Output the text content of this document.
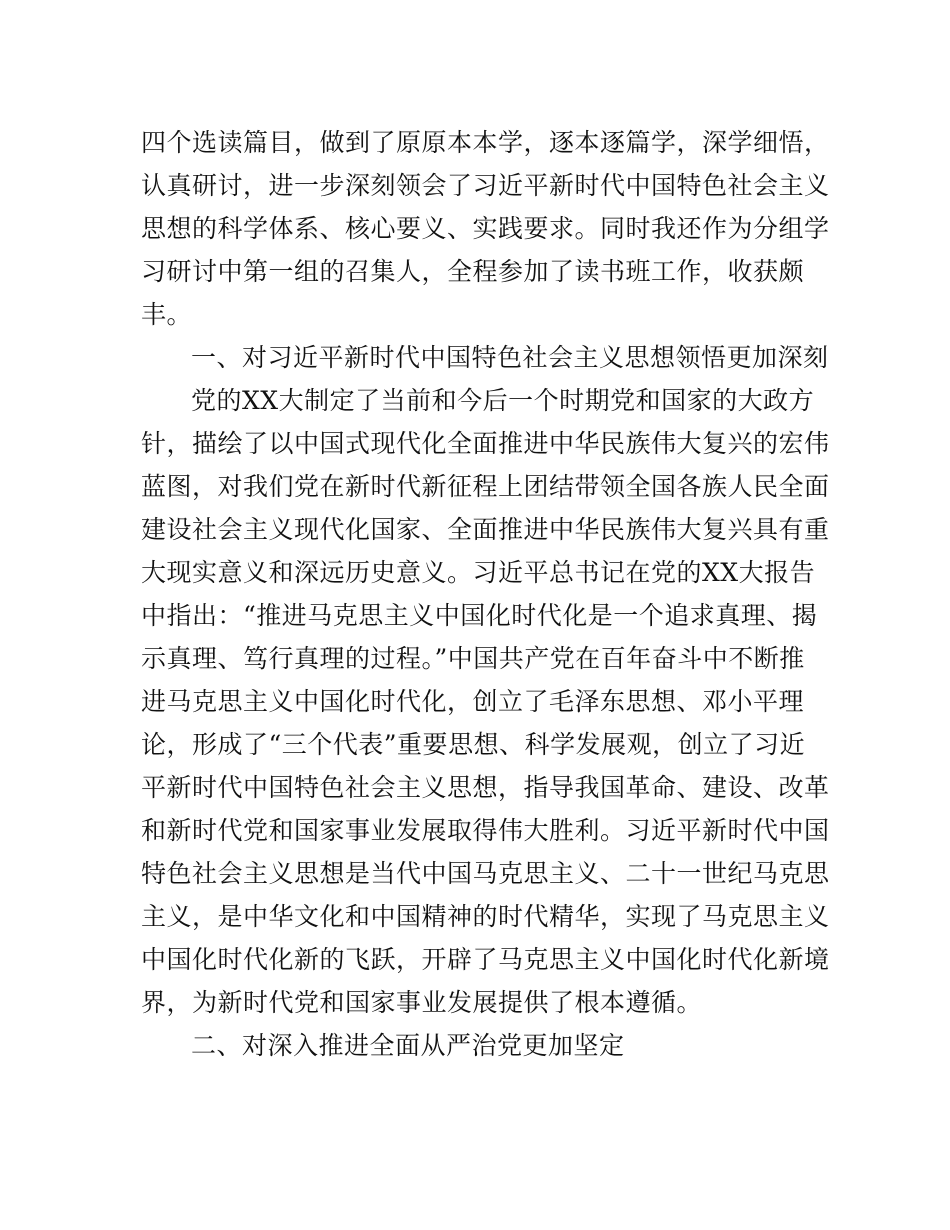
四个选读篇目，做到了原原本本学，逐本逐篇学，深学细悟，
认真研讨，进一步深刻领会了习近平新时代中国特色社会主义
思想的科学体系、核心要义、实践要求。同时我还作为分组学
习研讨中第一组的召集人，全程参加了读书班工作，收获颇
丰。
一、对习近平新时代中国特色社会主义思想领悟更加深刻
党的XX大制定了当前和今后一个时期党和国家的大政方
针，描绘了以中国式现代化全面推进中华民族伟大复兴的宏伟
蓝图，对我们党在新时代新征程上团结带领全国各族人民全面
建设社会主义现代化国家、全面推进中华民族伟大复兴具有重
大现实意义和深远历史意义。习近平总书记在党的XX大报告
中指出：“推进马克思主义中国化时代化是一个追求真理、揭
示真理、笃行真理的过程。”中国共产党在百年奋斗中不断推
进马克思主义中国化时代化，创立了毛泽东思想、邓小平理
论，形成了“三个代表”重要思想、科学发展观，创立了习近
平新时代中国特色社会主义思想，指导我国革命、建设、改革
和新时代党和国家事业发展取得伟大胜利。习近平新时代中国
特色社会主义思想是当代中国马克思主义、二十一世纪马克思
主义，是中华文化和中国精神的时代精华，实现了马克思主义
中国化时代化新的飞跃，开辟了马克思主义中国化时代化新境
界，为新时代党和国家事业发展提供了根本遵循。
二、对深入推进全面从严治党更加坚定
